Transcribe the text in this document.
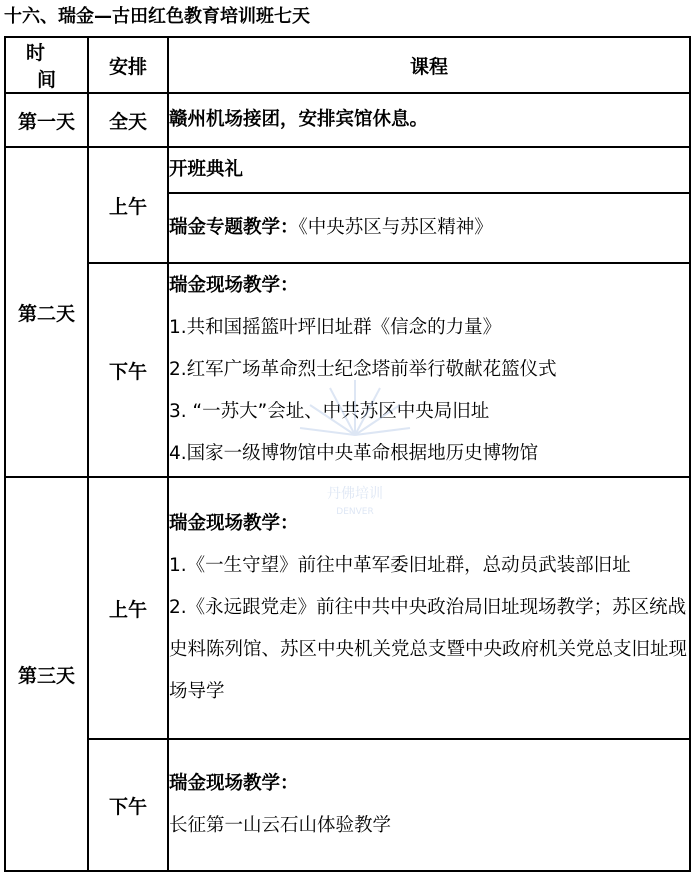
十六、瑞金—古田红色教育培训班七天
时间	安排	课程
第一天	全天	赣州机场接团，安排宾馆休息。
第二天	上午	开班典礼
		瑞金专题教学：《中央苏区与苏区精神》
	下午	瑞金现场教学：
1.共和国摇篮叶坪旧址群《信念的力量》
2.红军广场革命烈士纪念塔前举行敬献花篮仪式
3. “一苏大”会址、中共苏区中央局旧址
4.国家一级博物馆中央革命根据地历史博物馆

第三天	上午	瑞金现场教学：
1.《一生守望》前往中革军委旧址群，总动员武装部旧址
2.《永远跟党走》前往中共中央政治局旧址现场教学；苏区统战史料陈列馆、苏区中央机关党总支暨中央政府机关党总支旧址现场导学

	下午	瑞金现场教学：
长征第一山云石山体验教学
丹佛培训
DENVER
